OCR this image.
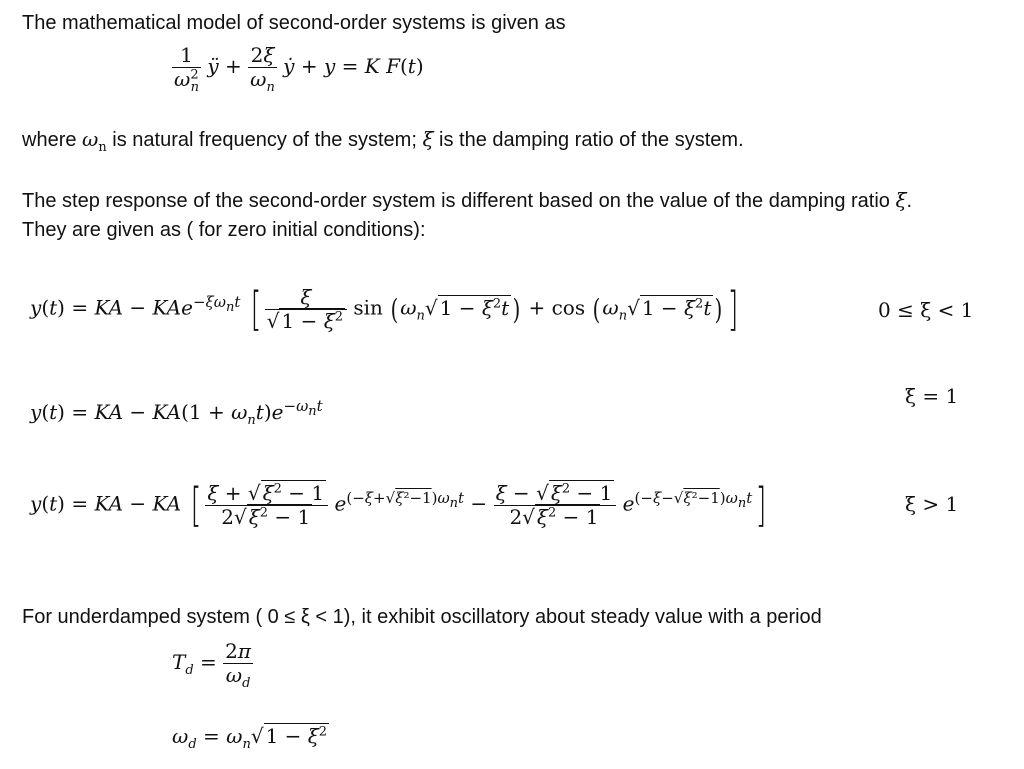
The mathematical model of second-order systems is given as
$\frac{1}{\omega^2_n}$ ÿ + $\frac{2\xi}{\omega_n}$ ẏ + y = K F(t)
where $\omega_n$ is natural frequency of the system; ξ is the damping ratio of the system.
The step response of the second-order system is different based on the value of the damping ratio ξ.
They are given as ( for zero initial conditions):
y(t) = KA − KAe$^{-\xi\omega_nt}$ [ $\frac{\xi}{√ 1 - \xi^2}$ $\sin (\omega_n√$ $1 - \xi^2t$ ) + $\cos (\omega_n√$ $1 - \xi^2t$ ) ]	0 ≤ ξ < 1
ξ = 1
y(t) = KA − $KA(1 + \omega_nt)e^{-\omega_nt}$
y(t) = KA − KA [ $\frac{\xi + √ \xi^2 - 1}{2√ \xi^2 - 1} e^{(-\xi+√\xi^2-1)\omega_nt} - \frac{\xi - √ \xi^2 - 1}{2√ \xi^2 - 1} e^{(-\xi-√\xi^2-1)\omega_nt}$]	ξ > 1
For underdamped system ( 0 ≤ ξ < 1), it exhibit oscillatory about steady value with a period
$T_d = \frac{2\pi}{\omega_d}$
$\omega_d = \omega_n√$ $1 - \xi^2$
